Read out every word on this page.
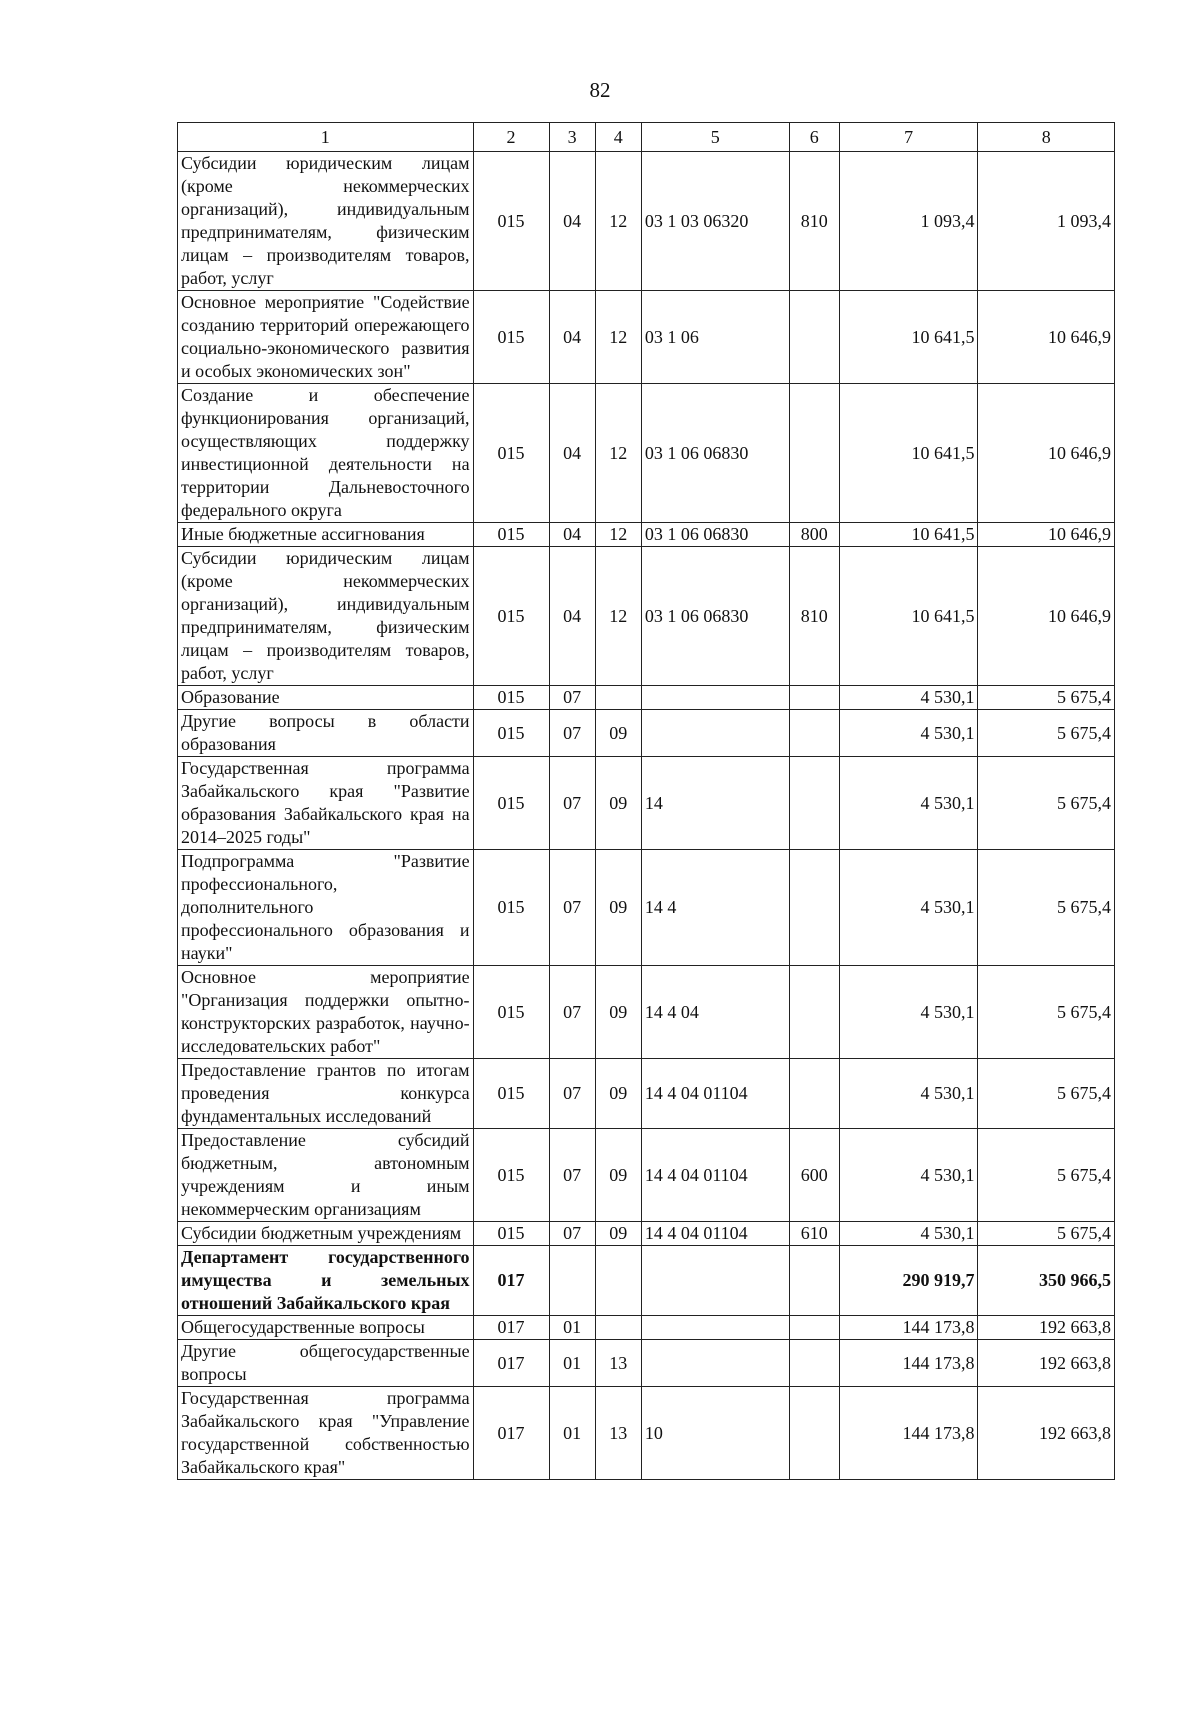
82
1	2	3	4	5	6	7	8
Субсидии юридическим лицам (кроме некоммерческих организаций), индивидуальным предпринимателям, физическим лицам – производителям товаров, работ, услуг	015	04	12	03 1 03 06320	810	1 093,4	1 093,4
Основное мероприятие "Содействие созданию территорий опережающего социально-экономического развития и особых экономических зон"	015	04	12	03 1 06		10 641,5	10 646,9
Создание и обеспечение функционирования организаций, осуществляющих поддержку инвестиционной деятельности на территории Дальневосточного федерального округа	015	04	12	03 1 06 06830		10 641,5	10 646,9
Иные бюджетные ассигнования	015	04	12	03 1 06 06830	800	10 641,5	10 646,9
Субсидии юридическим лицам (кроме некоммерческих организаций), индивидуальным предпринимателям, физическим лицам – производителям товаров, работ, услуг	015	04	12	03 1 06 06830	810	10 641,5	10 646,9
Образование	015	07				4 530,1	5 675,4
Другие вопросы в области образования	015	07	09			4 530,1	5 675,4
Государственная программа Забайкальского края "Развитие образования Забайкальского края на 2014–2025 годы"	015	07	09	14		4 530,1	5 675,4
Подпрограмма "Развитие профессионального, дополнительного профессионального образования и науки"	015	07	09	14 4		4 530,1	5 675,4
Основное мероприятие "Организация поддержки опытно-конструкторских разработок, научно-исследовательских работ"	015	07	09	14 4 04		4 530,1	5 675,4
Предоставление грантов по итогам проведения конкурса фундаментальных исследований	015	07	09	14 4 04 01104		4 530,1	5 675,4
Предоставление субсидий бюджетным, автономным учреждениям и иным некоммерческим организациям	015	07	09	14 4 04 01104	600	4 530,1	5 675,4
Субсидии бюджетным учреждениям	015	07	09	14 4 04 01104	610	4 530,1	5 675,4
Департамент государственного имущества и земельных отношений Забайкальского края	017					290 919,7	350 966,5
Общегосударственные вопросы	017	01				144 173,8	192 663,8
Другие общегосударственные вопросы	017	01	13			144 173,8	192 663,8
Государственная программа Забайкальского края "Управление государственной собственностью Забайкальского края"	017	01	13	10		144 173,8	192 663,8
